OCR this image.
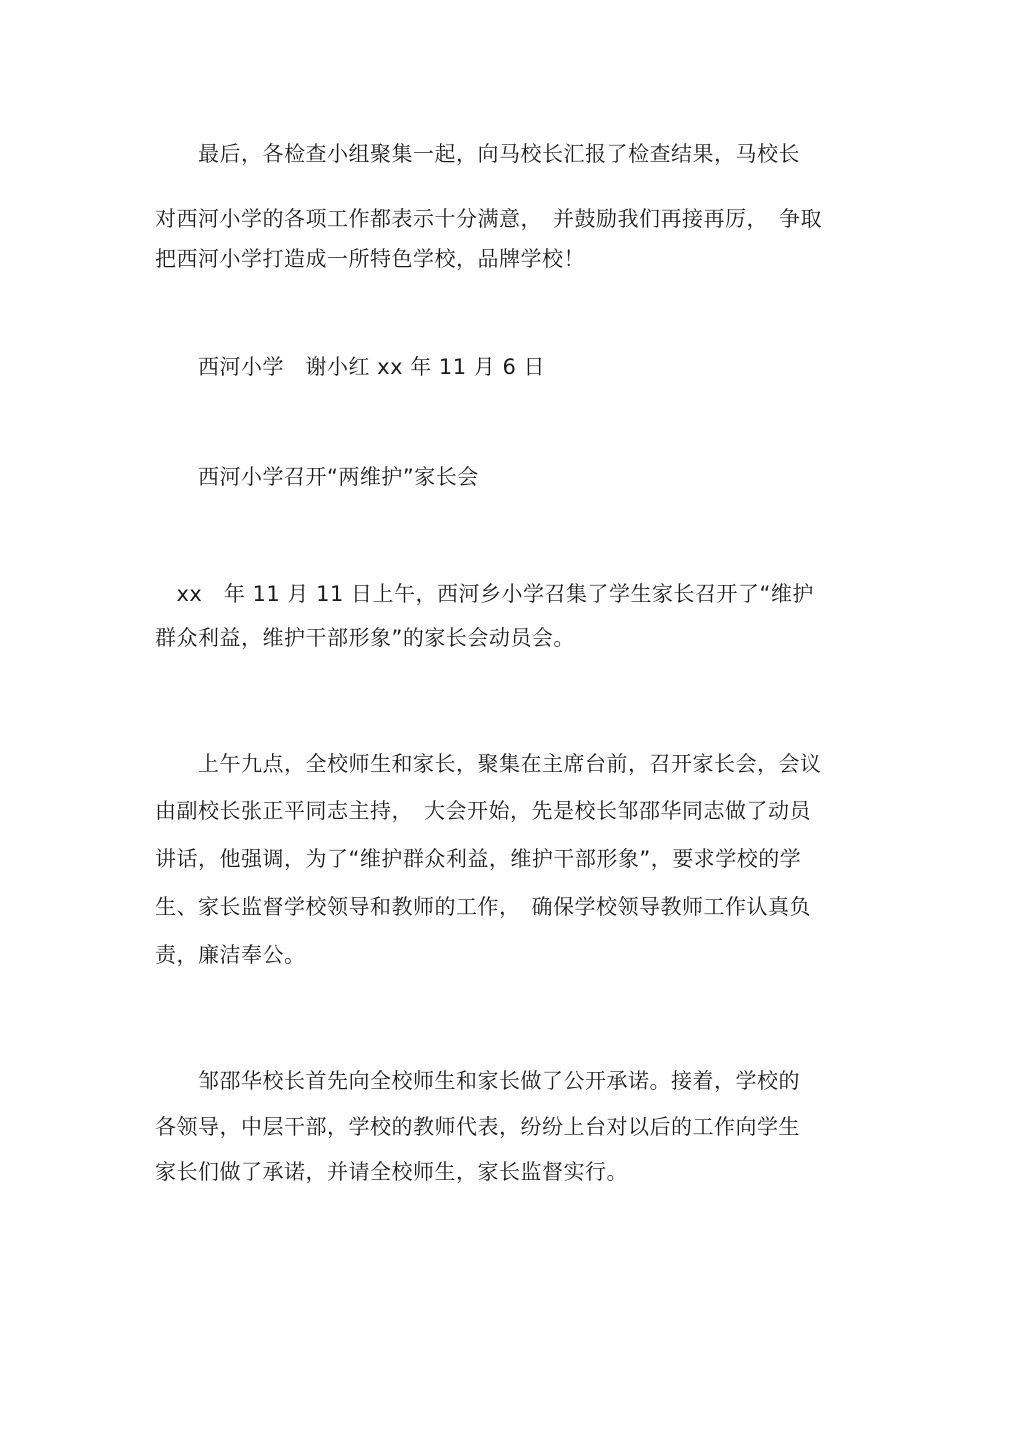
　　最后，各检查小组聚集一起，向马校长汇报了检查结果，马校长
对西河小学的各项工作都表示十分满意，　并鼓励我们再接再厉，　争取
把西河小学打造成一所特色学校，品牌学校！
　　西河小学　谢小红 xx 年 11 月 6 日
　　西河小学召开“两维护”家长会
　xx　年 11 月 11 日上午，西河乡小学召集了学生家长召开了“维护
群众利益，维护干部形象”的家长会动员会。
　　上午九点，全校师生和家长，聚集在主席台前，召开家长会，会议
由副校长张正平同志主持，　大会开始，先是校长邹邵华同志做了动员
讲话，他强调，为了“维护群众利益，维护干部形象”，要求学校的学
生、家长监督学校领导和教师的工作，　确保学校领导教师工作认真负
责，廉洁奉公。
　　邹邵华校长首先向全校师生和家长做了公开承诺。接着，学校的
各领导，中层干部，学校的教师代表，纷纷上台对以后的工作向学生
家长们做了承诺，并请全校师生，家长监督实行。
